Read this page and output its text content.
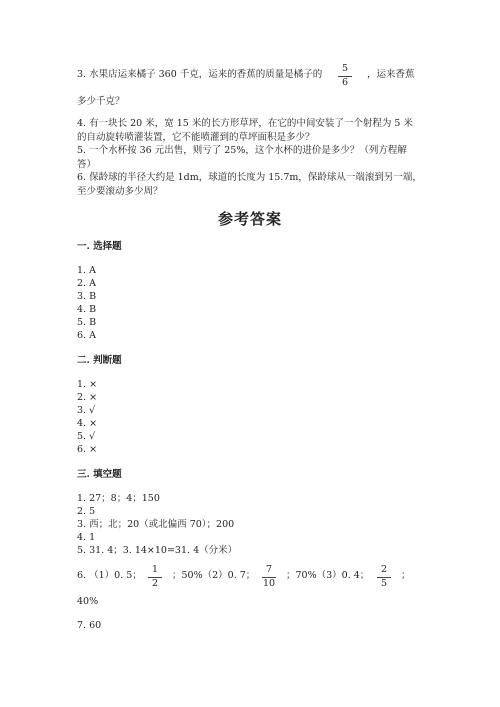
3. 水果店运来橘子 360 千克，运来的香蕉的质量是橘子的
5
6
，运来香蕉
多少千克？
4. 有一块长 20 米，宽 15 米的长方形草坪，在它的中间安装了一个射程为 5 米
的自动旋转喷灌装置，它不能喷灌到的草坪面积是多少？
5. 一个水杯按 36 元出售，则亏了 25%，这个水杯的进价是多少？（列方程解
答）
6. 保龄球的半径大约是 1dm，球道的长度为 15.7m，保龄球从一端滚到另一端，
至少要滚动多少周？
参考答案
一. 选择题
1. A
2. A
3. B
4. B
5. B
6. A
二. 判断题
1. ×
2. ×
3. √
4. ×
5. √
6. ×
三. 填空题
1. 27；8；4；150
2. 5
3. 西；北；20（或北偏西 70）；200
4. 1
5. 31. 4；3. 14×10=31. 4（分米）
6. （1）0. 5；
1
2
；50%（2）0. 7；
7
10
；70%（3）0. 4；
2
5
；
40%
7. 60
